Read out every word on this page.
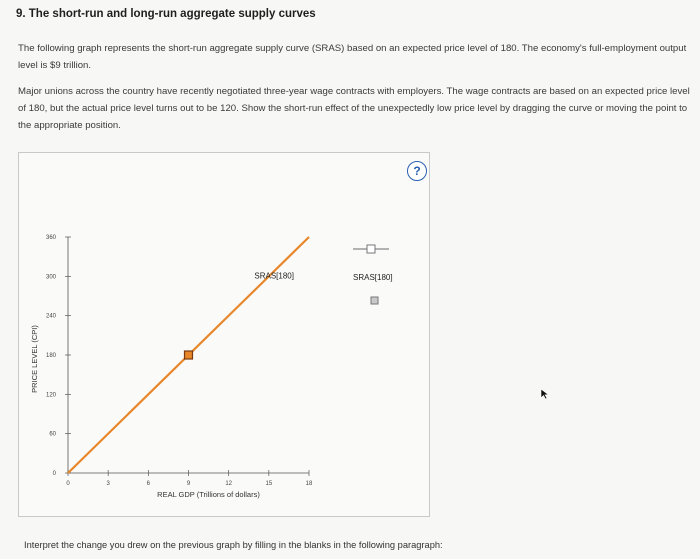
9. The short-run and long-run aggregate supply curves
The following graph represents the short-run aggregate supply curve (SRAS) based on an expected price level of 180. The economy's full-employment output level is $9 trillion.
Major unions across the country have recently negotiated three-year wage contracts with employers. The wage contracts are based on an expected price level of 180, but the actual price level turns out to be 120. Show the short-run effect of the unexpectedly low price level by dragging the curve or moving the point to the appropriate position.
?
0
60
120
180
240
300
360
0	3	6	9	12	15	18
REAL GDP (Trillions of dollars)
PRICE LEVEL (CPI)
SRAS[180]	SRAS[180]
Interpret the change you drew on the previous graph by filling in the blanks in the following paragraph:
